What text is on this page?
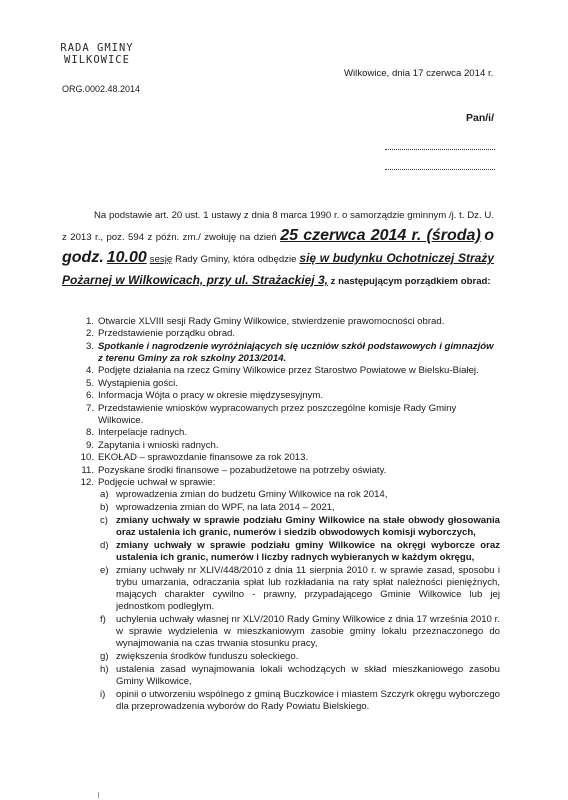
RADA GMINY
WILKOWICE
Wilkowice, dnia 17 czerwca 2014 r.
ORG.0002.48.2014
Pan/i/
Na podstawie art. 20 ust. 1 ustawy z dnia 8 marca 1990 r. o samorządzie gminnym /j. t. Dz. U. z 2013 r., poz. 594 z późn. zm./ zwołuję na dzień 25 czerwca 2014 r. (środa) o godz. 10.00 sesję Rady Gminy, która odbędzie się w budynku Ochotniczej Straży Pożarnej w Wilkowicach, przy ul. Strażackiej 3, z następującym porządkiem obrad:
1. Otwarcie XLVIII sesji Rady Gminy Wilkowice, stwierdzenie prawomocności obrad.
2. Przedstawienie porządku obrad.
3. Spotkanie i nagrodzenie wyróżniających się uczniów szkół podstawowych i gimnazjów z terenu Gminy za rok szkolny 2013/2014.
4. Podjęte działania na rzecz Gminy Wilkowice przez Starostwo Powiatowe w Bielsku-Białej.
5. Wystąpienia gości.
6. Informacja Wójta o pracy w okresie międzysesyjnym.
7. Przedstawienie wniosków wypracowanych przez poszczególne komisje Rady Gminy Wilkowice.
8. Interpelacje radnych.
9. Zapytania i wnioski radnych.
10. EKOŁAD – sprawozdanie finansowe za rok 2013.
11. Pozyskane środki finansowe – pozabudżetowe na potrzeby oświaty.
12. Podjęcie uchwał w sprawie:
a) wprowadzenia zmian do budżetu Gminy Wilkowice na rok 2014,
b) wprowadzenia zmian do WPF, na lata 2014 – 2021,
c) zmiany uchwały w sprawie podziału Gminy Wilkowice na stałe obwody głosowania oraz ustalenia ich granic, numerów i siedzib obwodowych komisji wyborczych,
d) zmiany uchwały w sprawie podziału gminy Wilkowice na okręgi wyborcze oraz ustalenia ich granic, numerów i liczby radnych wybieranych w każdym okręgu,
e) zmiany uchwały nr XLIV/448/2010 z dnia 11 sierpnia 2010 r. w sprawie zasad, sposobu i trybu umarzania, odraczania spłat lub rozkładania na raty spłat należności pieniężnych, mających charakter cywilno - prawny, przypadającego Gminie Wilkowice lub jej jednostkom podległym.
f) uchylenia uchwały własnej nr XLV/2010 Rady Gminy Wilkowice z dnia 17 września 2010 r. w sprawie wydzielenia w mieszkaniowym zasobie gminy lokalu przeznaczonego do wynajmowania na czas trwania stosunku pracy,
g) zwiększenia środków funduszu sołeckiego.
h) ustalenia zasad wynajmowania lokali wchodzących w skład mieszkaniowego zasobu Gminy Wilkowice,
i) opinii o utworzeniu wspólnego z gminą Buczkowice i miastem Szczyrk okręgu wyborczego dla przeprowadzenia wyborów do Rady Powiatu Bielskiego.
